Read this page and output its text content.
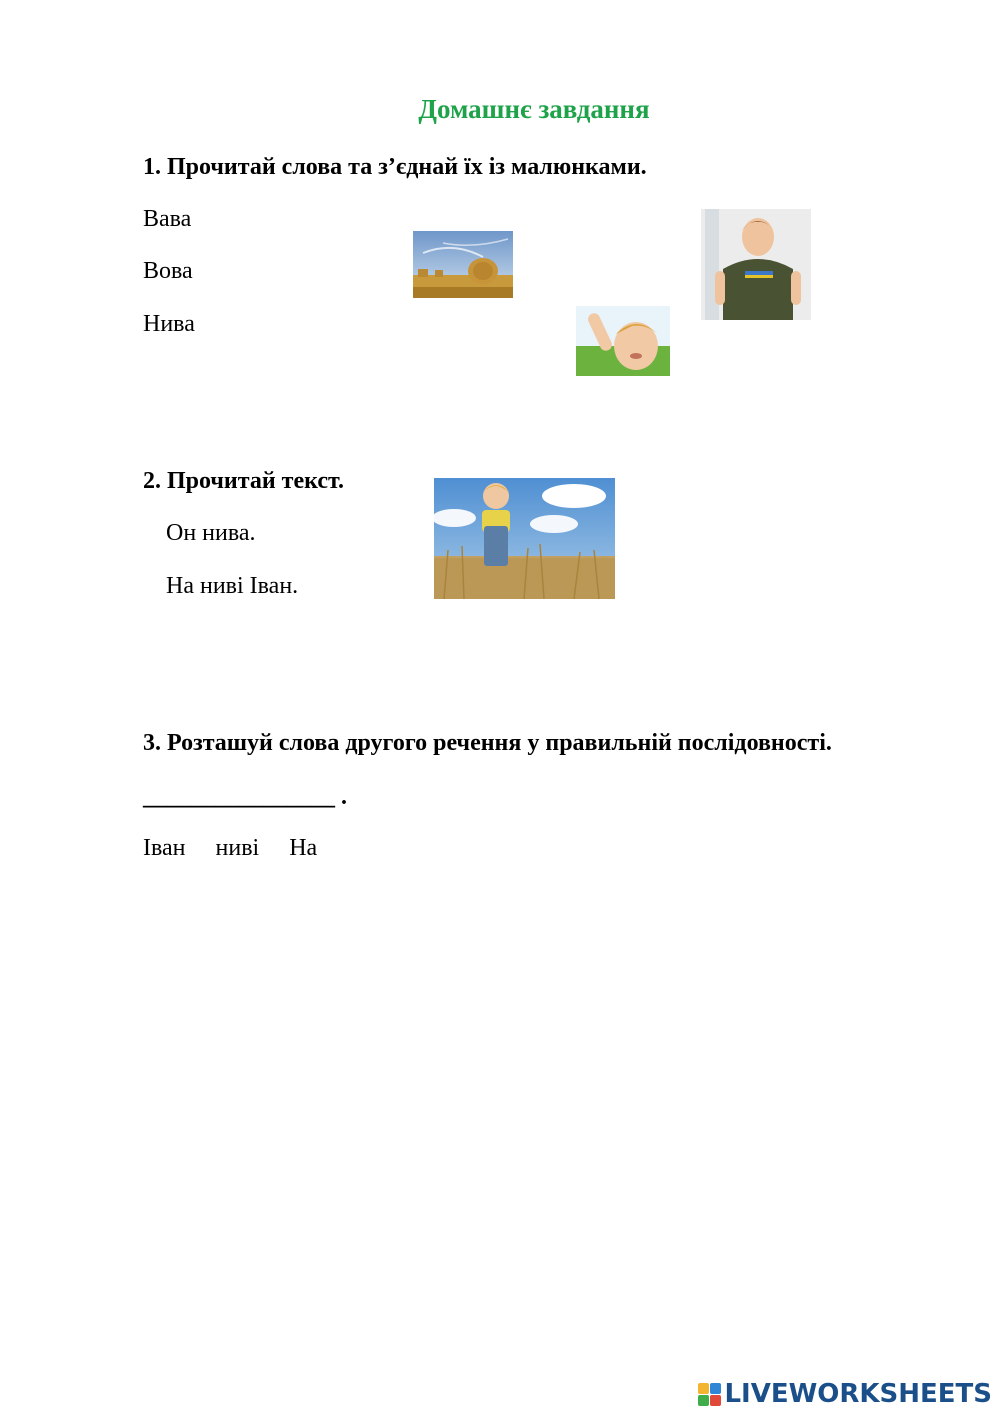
Домашнє завдання
1. Прочитай слова та з’єднай їх із малюнками.
Вава
Вова
Нива
2. Прочитай текст.
Он нива.
На ниві Іван.
3. Розташуй слова другого речення у правильній послідовності.
________________ .
Іван ниві На
LIVEWORKSHEETS
